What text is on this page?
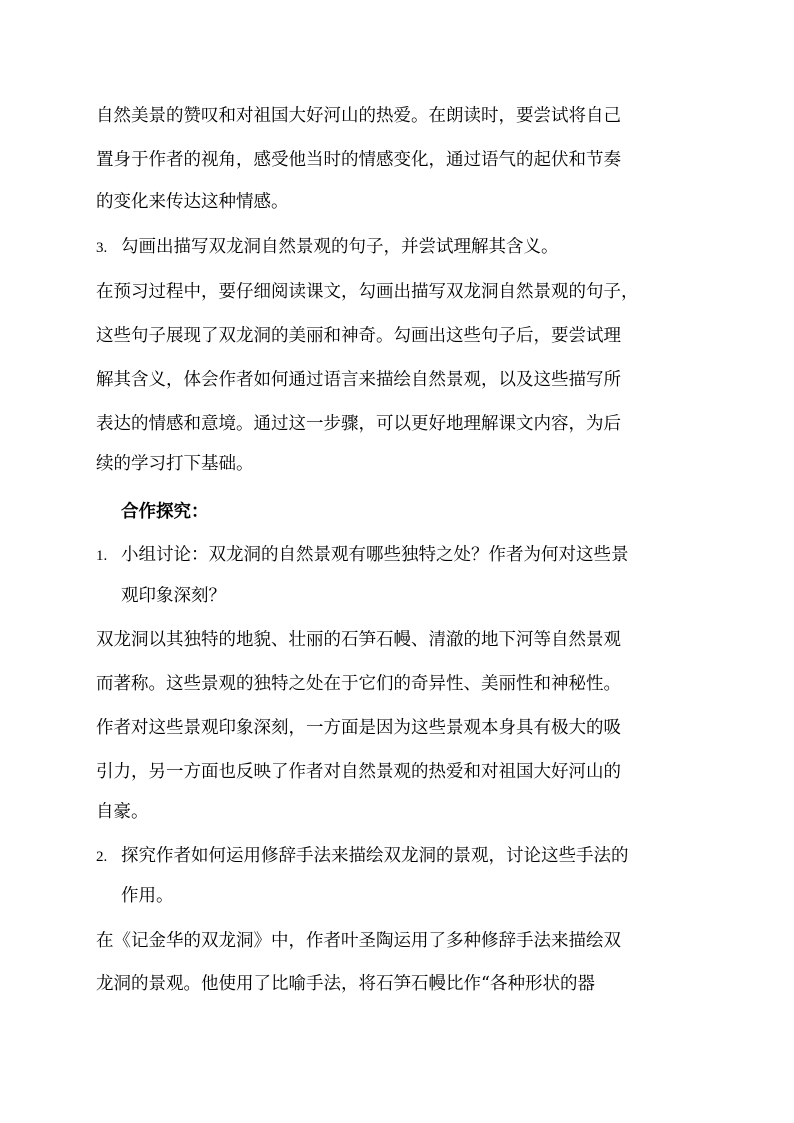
自然美景的赞叹和对祖国大好河山的热爱。在朗读时，要尝试将自己
置身于作者的视角，感受他当时的情感变化，通过语气的起伏和节奏
的变化来传达这种情感。
3. 勾画出描写双龙洞自然景观的句子，并尝试理解其含义。
在预习过程中，要仔细阅读课文，勾画出描写双龙洞自然景观的句子，
这些句子展现了双龙洞的美丽和神奇。勾画出这些句子后，要尝试理
解其含义，体会作者如何通过语言来描绘自然景观，以及这些描写所
表达的情感和意境。通过这一步骤，可以更好地理解课文内容，为后
续的学习打下基础。
合作探究：
1. 小组讨论：双龙洞的自然景观有哪些独特之处？作者为何对这些景
观印象深刻？
双龙洞以其独特的地貌、壮丽的石笋石幔、清澈的地下河等自然景观
而著称。这些景观的独特之处在于它们的奇异性、美丽性和神秘性。
作者对这些景观印象深刻，一方面是因为这些景观本身具有极大的吸
引力，另一方面也反映了作者对自然景观的热爱和对祖国大好河山的
自豪。
2. 探究作者如何运用修辞手法来描绘双龙洞的景观，讨论这些手法的
作用。
在《记金华的双龙洞》中，作者叶圣陶运用了多种修辞手法来描绘双
龙洞的景观。他使用了比喻手法，将石笋石幔比作“各种形状的器
